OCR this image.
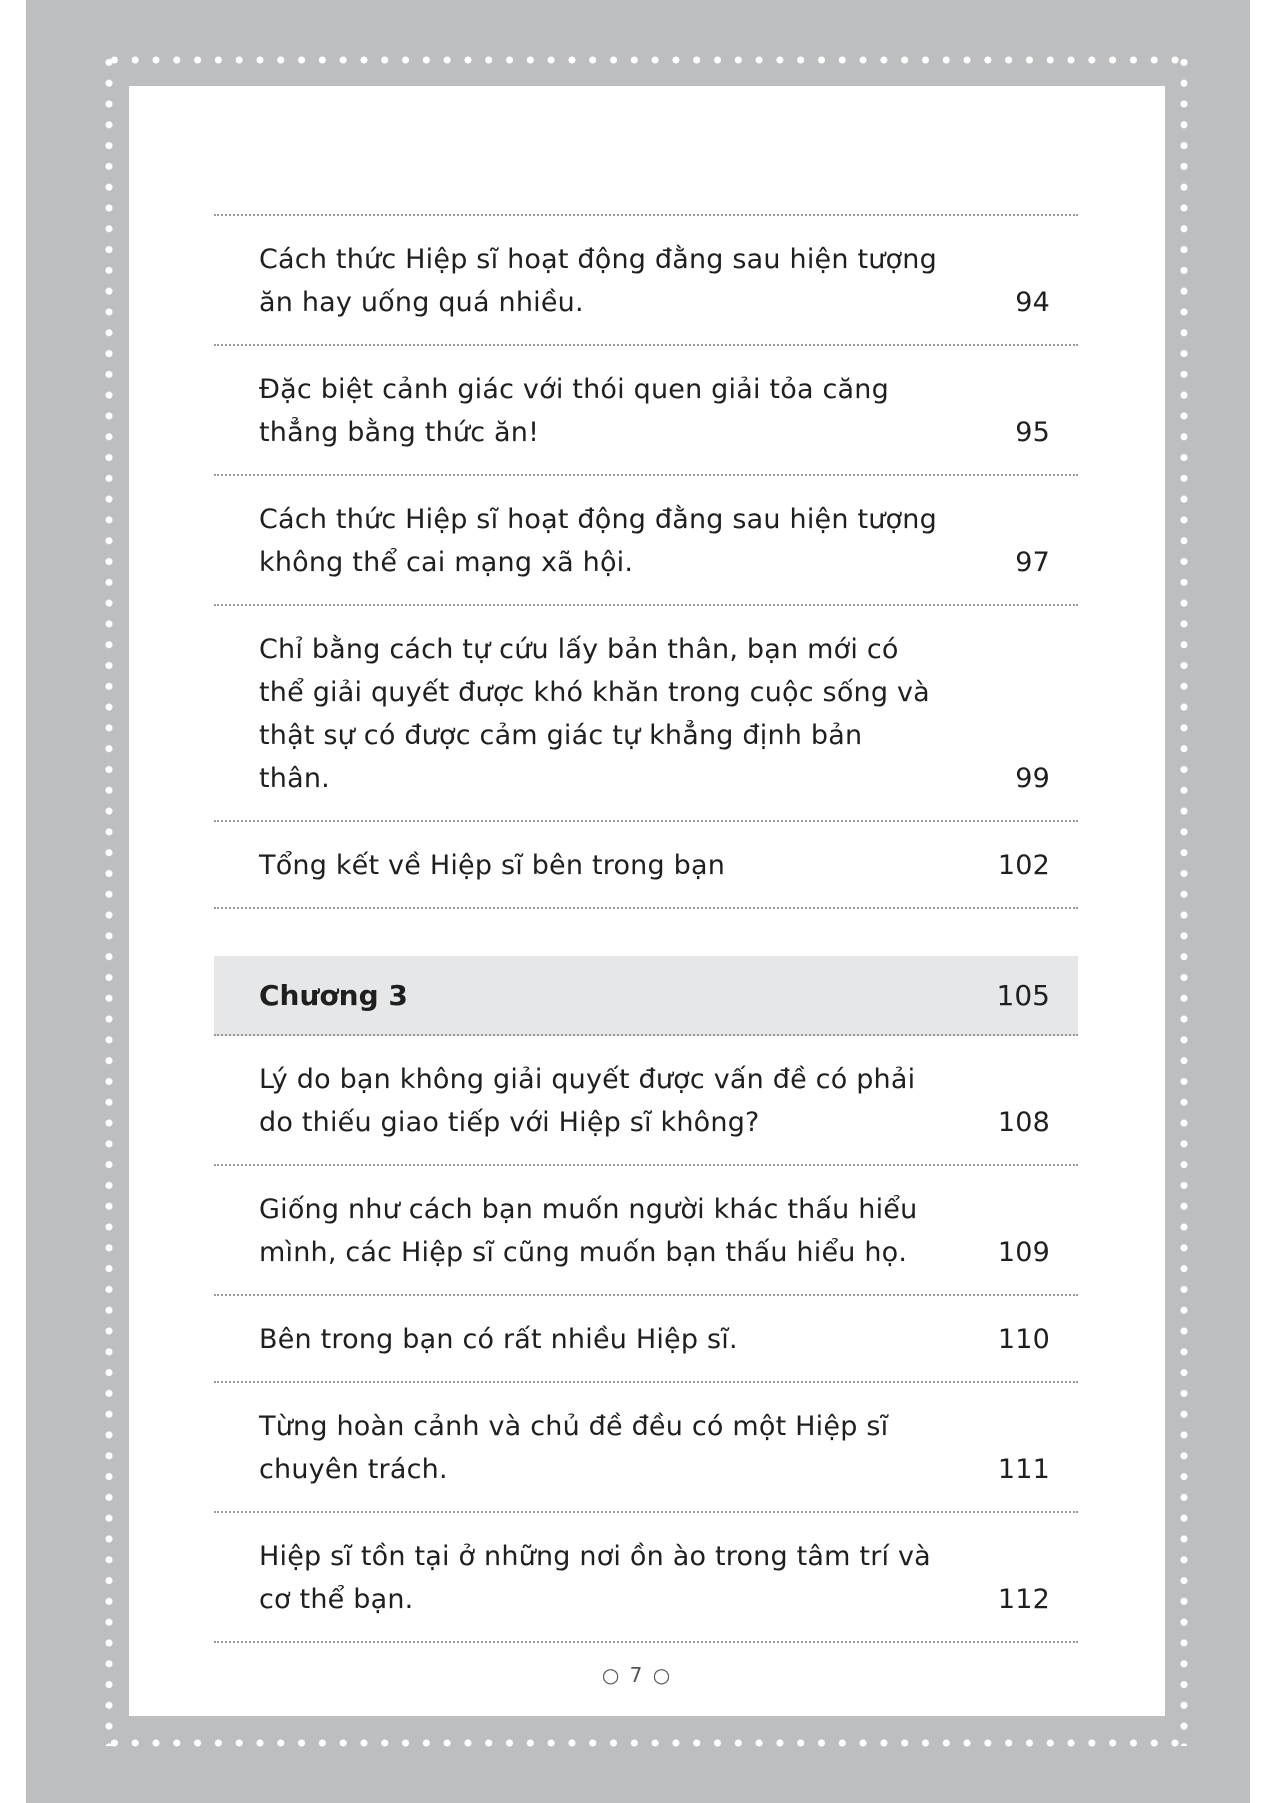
Cách thức Hiệp sĩ hoạt động đằng sau hiện tượng ăn hay uống quá nhiều.	94
Đặc biệt cảnh giác với thói quen giải tỏa căng thẳng bằng thức ăn!	95
Cách thức Hiệp sĩ hoạt động đằng sau hiện tượng không thể cai mạng xã hội.	97
Chỉ bằng cách tự cứu lấy bản thân, bạn mới có thể giải quyết được khó khăn trong cuộc sống và thật sự có được cảm giác tự khẳng định bản thân.	99
Tổng kết về Hiệp sĩ bên trong bạn	102
Chương 3	105
Lý do bạn không giải quyết được vấn đề có phải do thiếu giao tiếp với Hiệp sĩ không?	108
Giống như cách bạn muốn người khác thấu hiểu mình, các Hiệp sĩ cũng muốn bạn thấu hiểu họ.	109
Bên trong bạn có rất nhiều Hiệp sĩ.	110
Từng hoàn cảnh và chủ đề đều có một Hiệp sĩ chuyên trách.	111
Hiệp sĩ tồn tại ở những nơi ồn ào trong tâm trí và cơ thể bạn.	112
○ 7 ○
